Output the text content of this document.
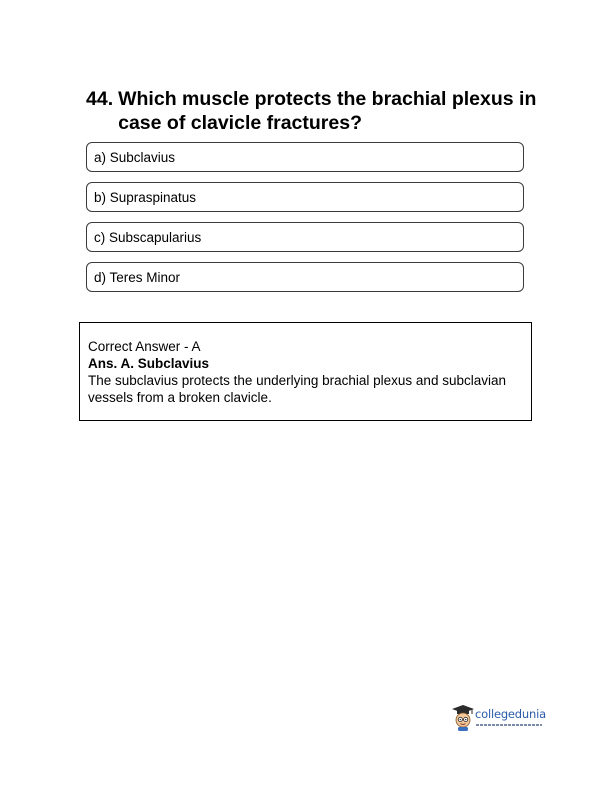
44. Which muscle protects the brachial plexus in case of clavicle fractures?
a) Subclavius
b) Supraspinatus
c) Subscapularius
d) Teres Minor
Correct Answer - A
Ans. A. Subclavius
The subclavius protects the underlying brachial plexus and subclavian vessels from a broken clavicle.
collegedunia
